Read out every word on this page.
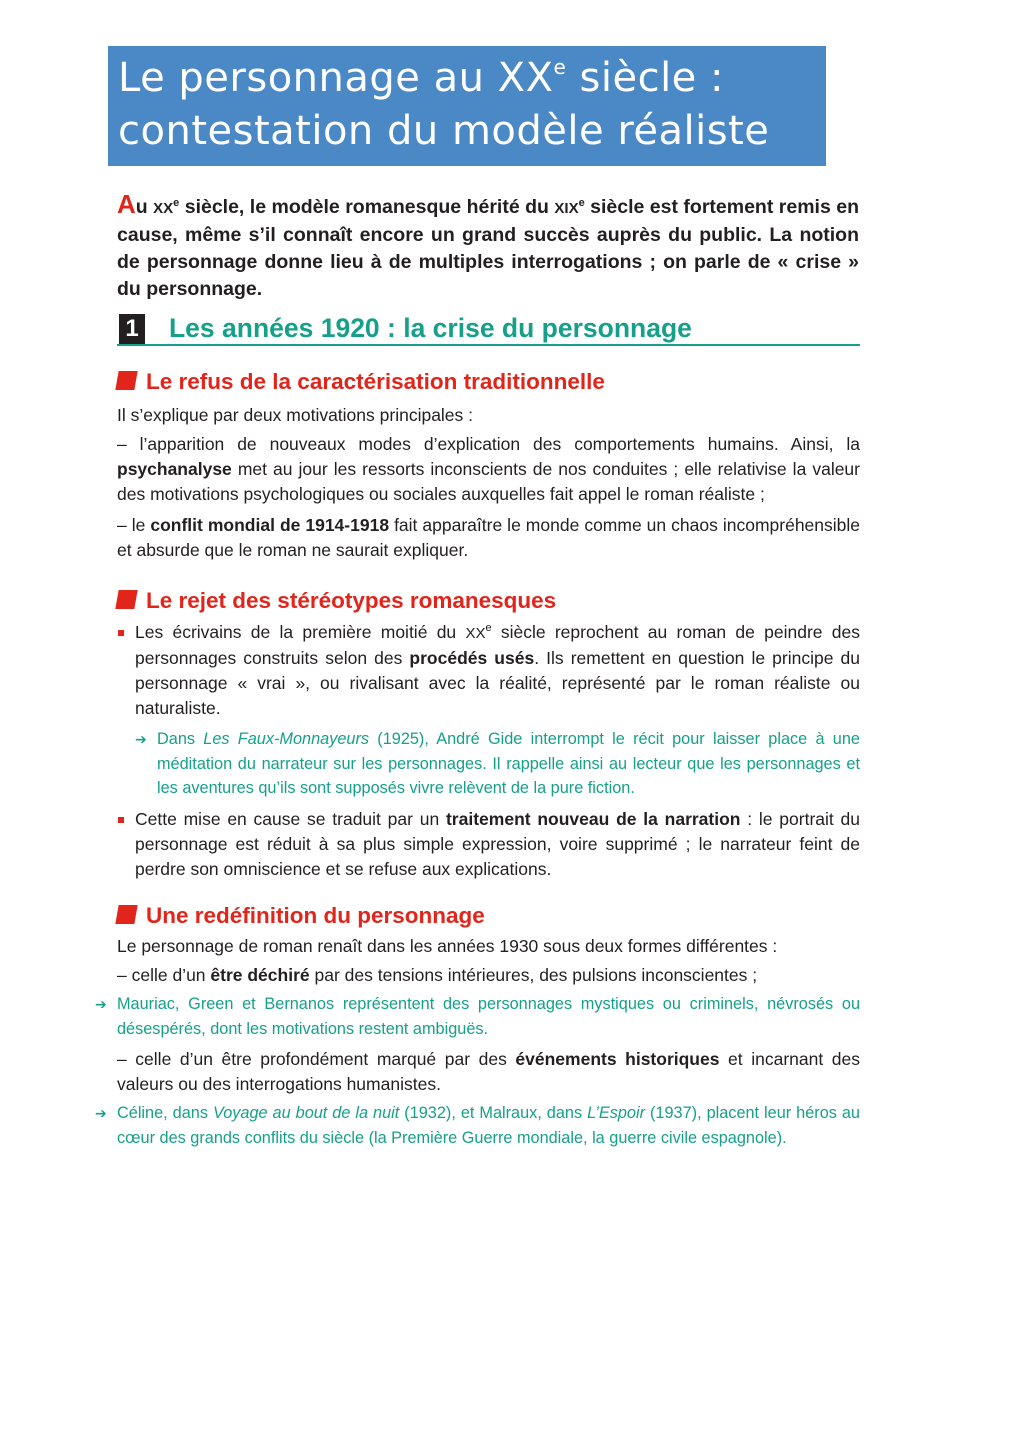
Le personnage au XXe siècle :
contestation du modèle réaliste
Au XXe siècle, le modèle romanesque hérité du XIXe siècle est fortement remis en cause, même s’il connaît encore un grand succès auprès du public. La notion de personnage donne lieu à de multiples interrogations ; on parle de « crise » du personnage.
1 Les années 1920 : la crise du personnage
Le refus de la caractérisation traditionnelle

Il s’explique par deux motivations principales :

– l’apparition de nouveaux modes d’explication des comportements humains. Ainsi, la psychanalyse met au jour les ressorts inconscients de nos conduites ; elle relativise la valeur des motivations psychologiques ou sociales auxquelles fait appel le roman réaliste ;

– le conflit mondial de 1914-1918 fait apparaître le monde comme un chaos incompréhensible et absurde que le roman ne saurait expliquer.

Le rejet des stéréotypes romanesques

Les écrivains de la première moitié du XXe siècle reprochent au roman de peindre des personnages construits selon des procédés usés. Ils remettent en question le principe du personnage « vrai », ou rivalisant avec la réalité, représenté par le roman réaliste ou naturaliste.

➔ Dans Les Faux-Monnayeurs (1925), André Gide interrompt le récit pour laisser place à une méditation du narrateur sur les personnages. Il rappelle ainsi au lecteur que les personnages et les aventures qu’ils sont supposés vivre relèvent de la pure fiction.

Cette mise en cause se traduit par un traitement nouveau de la narration : le portrait du personnage est réduit à sa plus simple expression, voire supprimé ; le narrateur feint de perdre son omniscience et se refuse aux explications.

Une redéfinition du personnage

Le personnage de roman renaît dans les années 1930 sous deux formes différentes :

– celle d’un être déchiré par des tensions intérieures, des pulsions inconscientes ;

➔ Mauriac, Green et Bernanos représentent des personnages mystiques ou criminels, névrosés ou désespérés, dont les motivations restent ambiguës.

– celle d’un être profondément marqué par des événements historiques et incarnant des valeurs ou des interrogations humanistes.

➔ Céline, dans Voyage au bout de la nuit (1932), et Malraux, dans L’Espoir (1937), placent leur héros au cœur des grands conflits du siècle (la Première Guerre mondiale, la guerre civile espagnole).
